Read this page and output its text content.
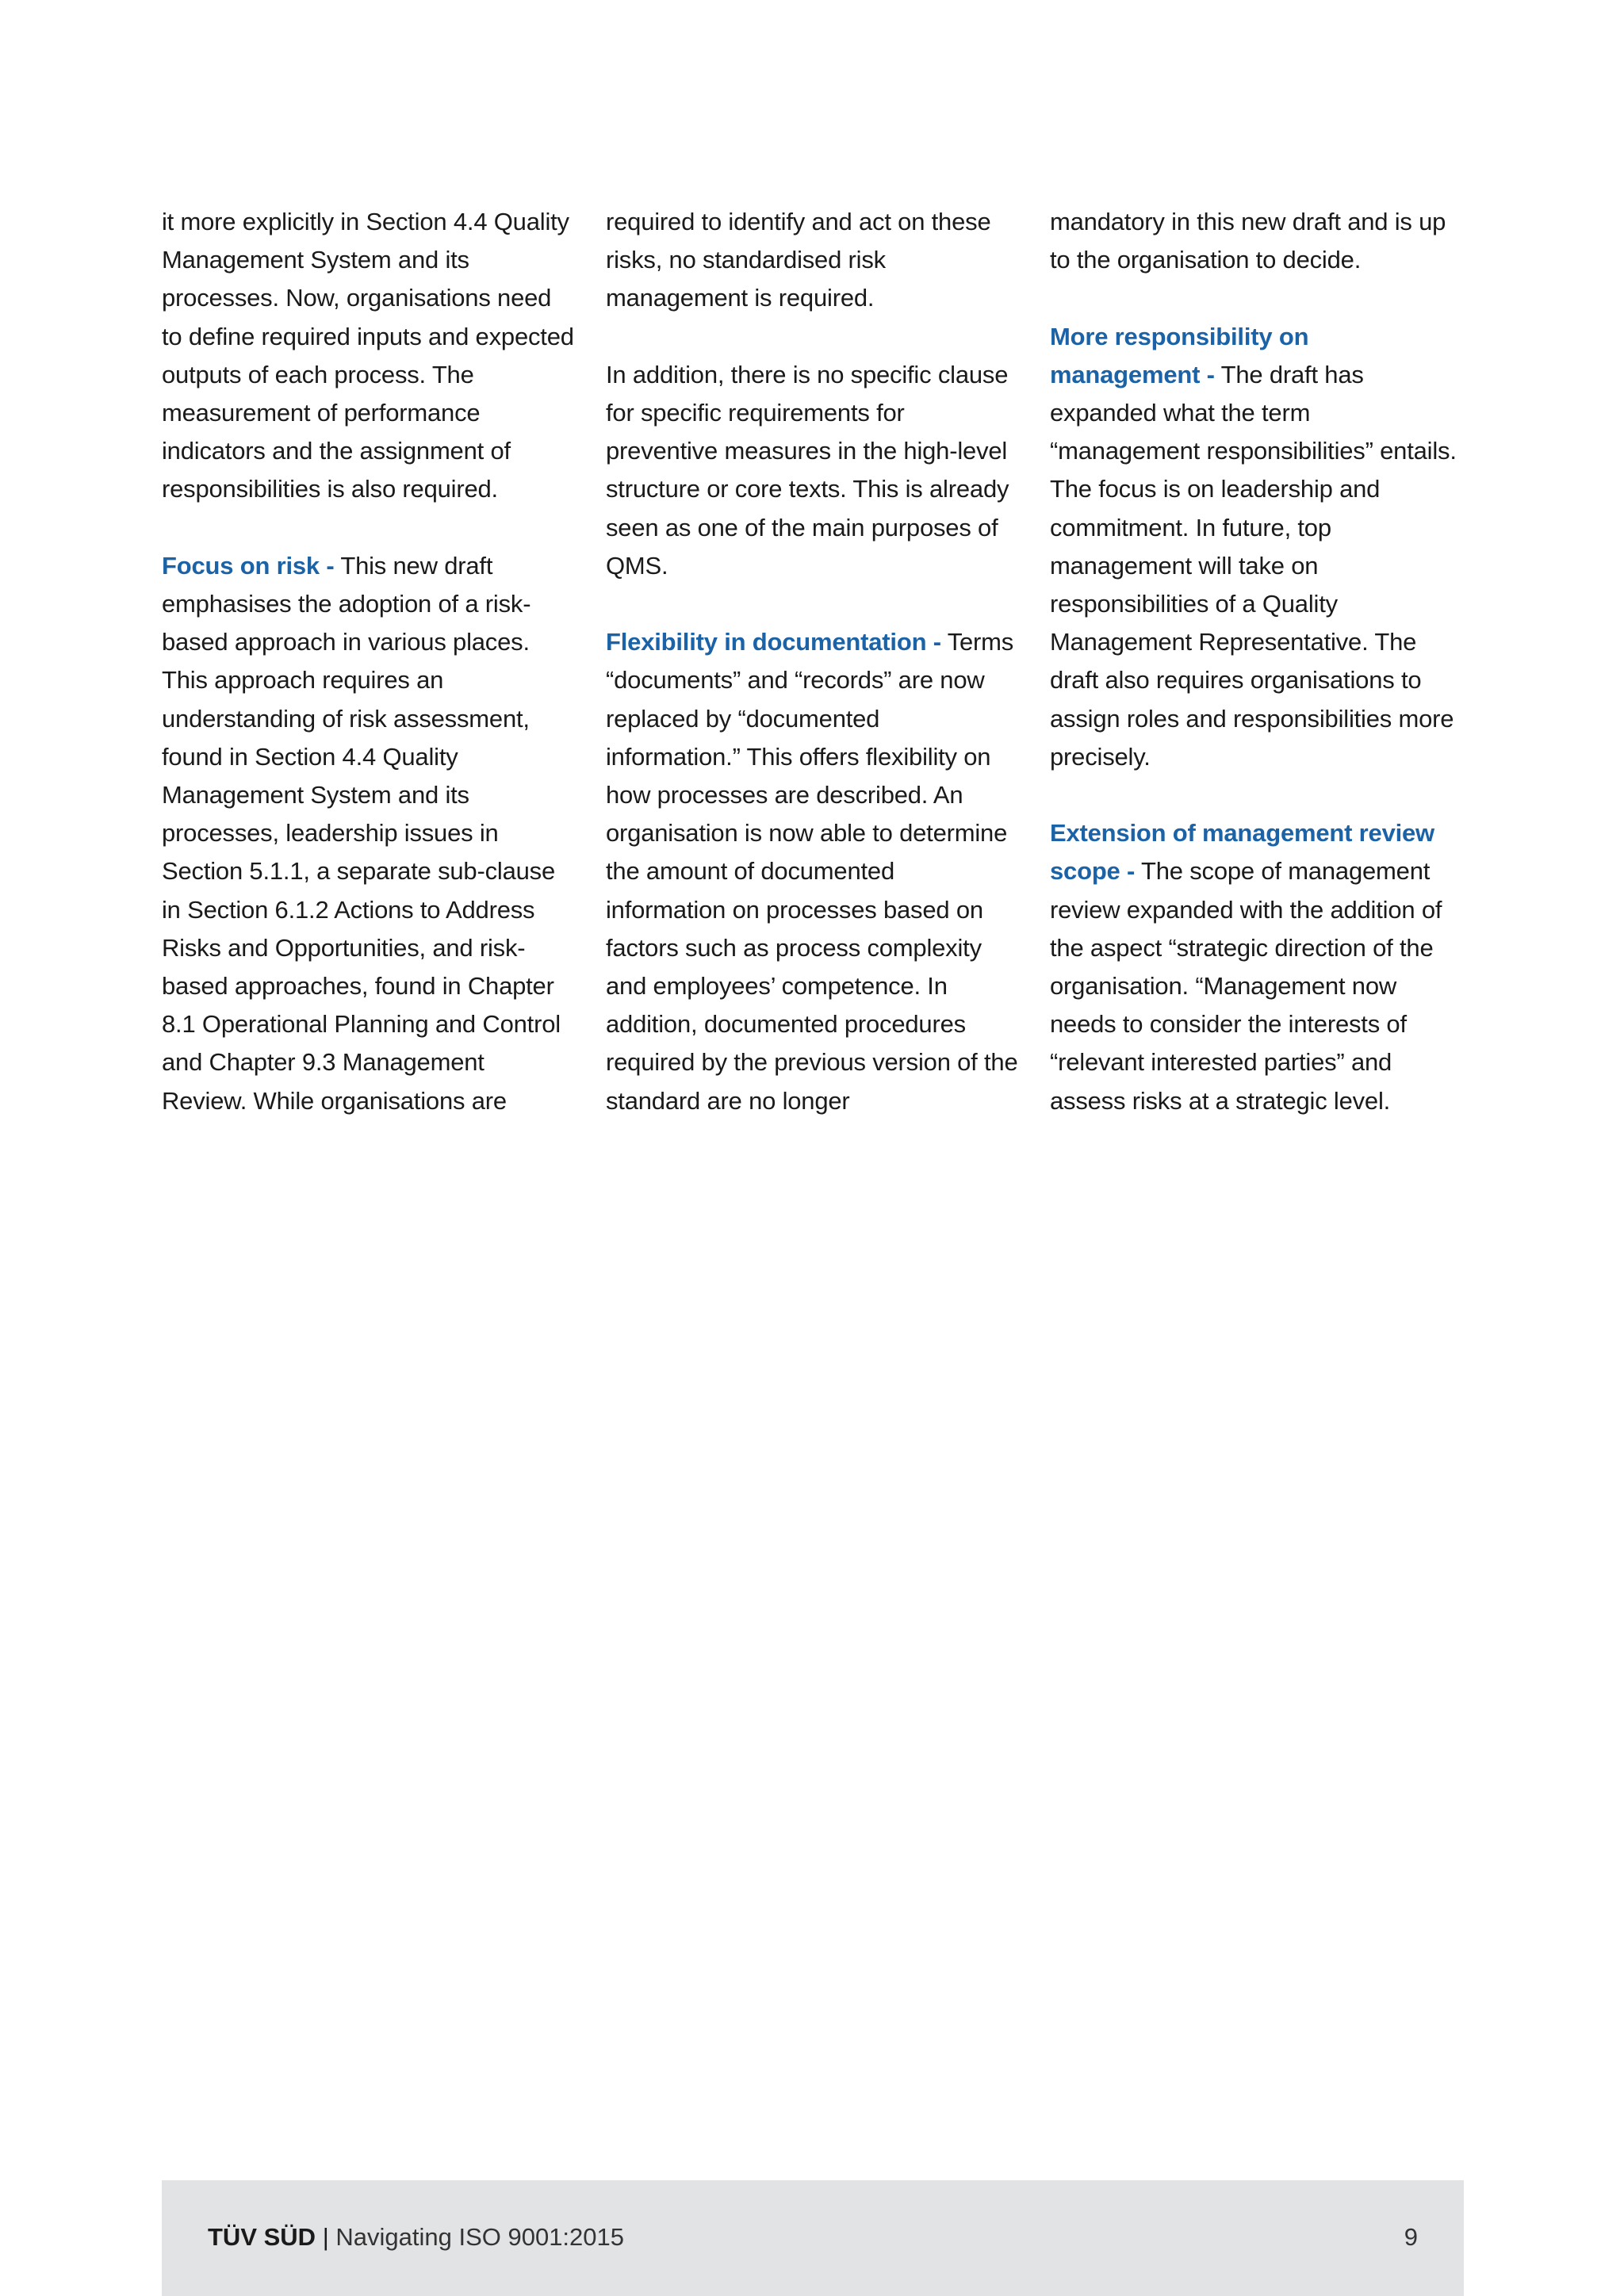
it more explicitly in Section 4.4 Quality Management System and its processes. Now, organisations need to define required inputs and expected outputs of each process. The measurement of performance indicators and the assignment of responsibilities is also required.

Focus on risk - This new draft emphasises the adoption of a risk-based approach in various places. This approach requires an understanding of risk assessment, found in Section 4.4 Quality Management System and its processes, leadership issues in Section 5.1.1, a separate sub-clause in Section 6.1.2 Actions to Address Risks and Opportunities, and risk-based approaches, found in Chapter 8.1 Operational Planning and Control and Chapter 9.3 Management Review. While organisations are

required to identify and act on these risks, no standardised risk management is required.

In addition, there is no specific clause for specific requirements for preventive measures in the high-level structure or core texts. This is already seen as one of the main purposes of QMS.

Flexibility in documentation - Terms “documents” and “records” are now replaced by “documented information.” This offers flexibility on how processes are described. An organisation is now able to determine the amount of documented information on processes based on factors such as process complexity and employees’ competence. In addition, documented procedures required by the previous version of the standard are no longer

mandatory in this new draft and is up to the organisation to decide.

More responsibility on management - The draft has expanded what the term “management responsibilities” entails. The focus is on leadership and commitment. In future, top management will take on responsibilities of a Quality Management Representative. The draft also requires organisations to assign roles and responsibilities more precisely.

Extension of management review scope - The scope of management review expanded with the addition of the aspect “strategic direction of the organisation. “Management now needs to consider the interests of “relevant interested parties” and assess risks at a strategic level.

TÜV SÜD | Navigating ISO 9001:2015	9
